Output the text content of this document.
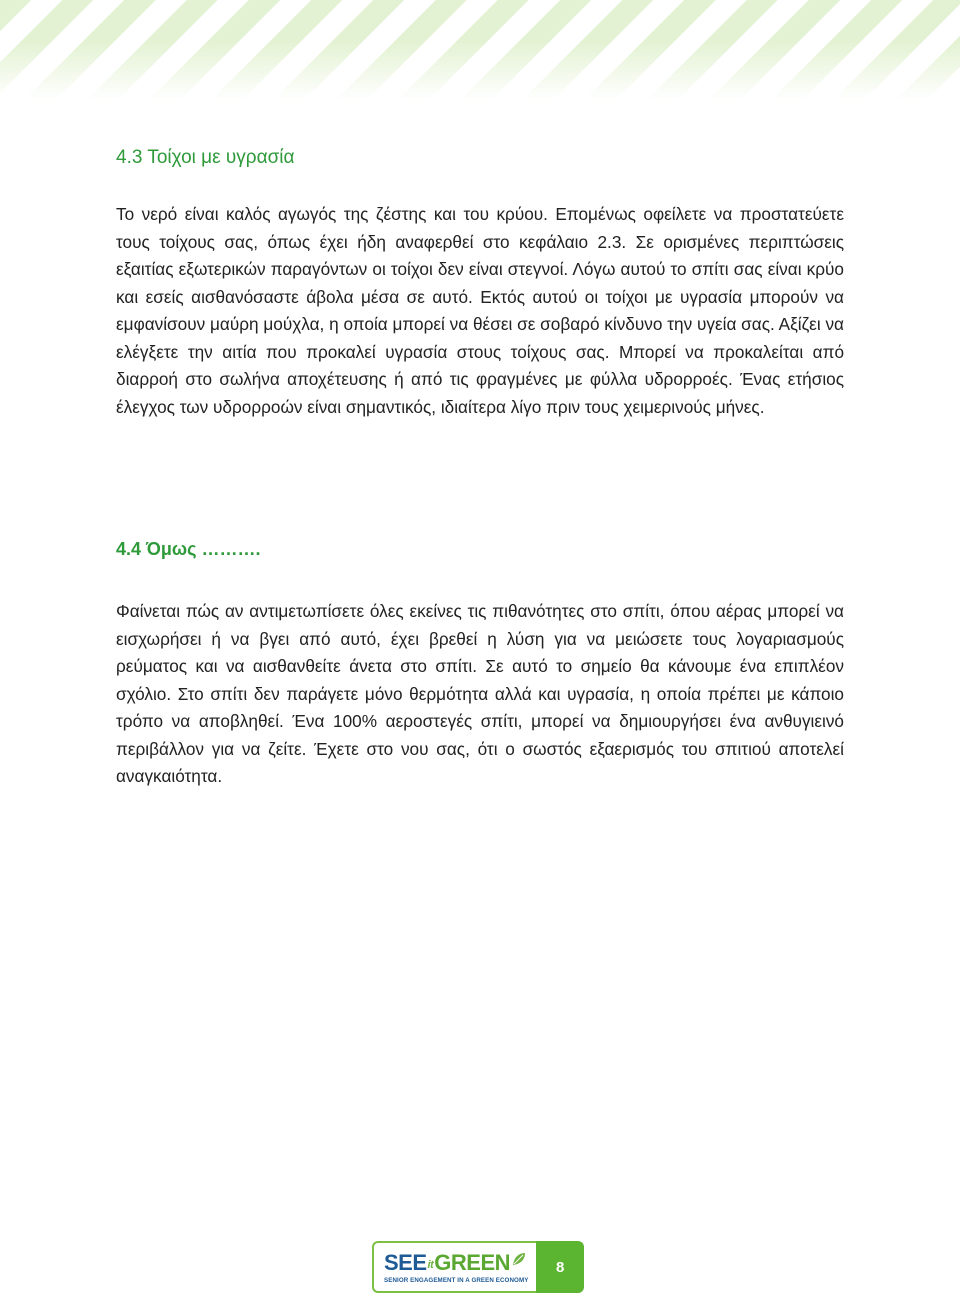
4.3 Τοίχοι με υγρασία

Το νερό είναι καλός αγωγός της ζέστης και του κρύου. Επομένως οφείλετε να προστατεύετε τους τοίχους σας, όπως έχει ήδη αναφερθεί στο κεφάλαιο 2.3. Σε ορισμένες περιπτώσεις εξαιτίας εξωτερικών παραγόντων οι τοίχοι δεν είναι στεγνοί. Λόγω αυτού το σπίτι σας είναι κρύο και εσείς αισθανόσαστε άβολα μέσα σε αυτό. Εκτός αυτού οι τοίχοι με υγρασία μπορούν να εμφανίσουν μαύρη μούχλα, η οποία μπορεί να θέσει σε σοβαρό κίνδυνο την υγεία σας. Αξίζει να ελέγξετε την αιτία που προκαλεί υγρασία στους τοίχους σας. Μπορεί να προκαλείται από διαρροή στο σωλήνα αποχέτευσης ή από τις φραγμένες με φύλλα υδρορροές. Ένας ετήσιος έλεγχος των υδρορροών είναι σημαντικός, ιδιαίτερα λίγο πριν τους χειμερινούς μήνες.

4.4 Όμως ……….

Φαίνεται πώς αν αντιμετωπίσετε όλες εκείνες τις πιθανότητες στο σπίτι, όπου αέρας μπορεί να εισχωρήσει ή να βγει από αυτό, έχει βρεθεί η λύση για να μειώσετε τους λογαριασμούς ρεύματος και να αισθανθείτε άνετα στο σπίτι. Σε αυτό το σημείο θα κάνουμε ένα επιπλέον σχόλιο. Στο σπίτι δεν παράγετε μόνο θερμότητα αλλά και υγρασία, η οποία πρέπει με κάποιο τρόπο να αποβληθεί. Ένα 100% αεροστεγές σπίτι, μπορεί να δημιουργήσει ένα ανθυγιεινό περιβάλλον για να ζείτε. Έχετε στο νου σας, ότι ο σωστός εξαερισμός του σπιτιού αποτελεί αναγκαιότητα.

SEE it GREEN
SENIOR ENGAGEMENT IN A GREEN ECONOMY
8
